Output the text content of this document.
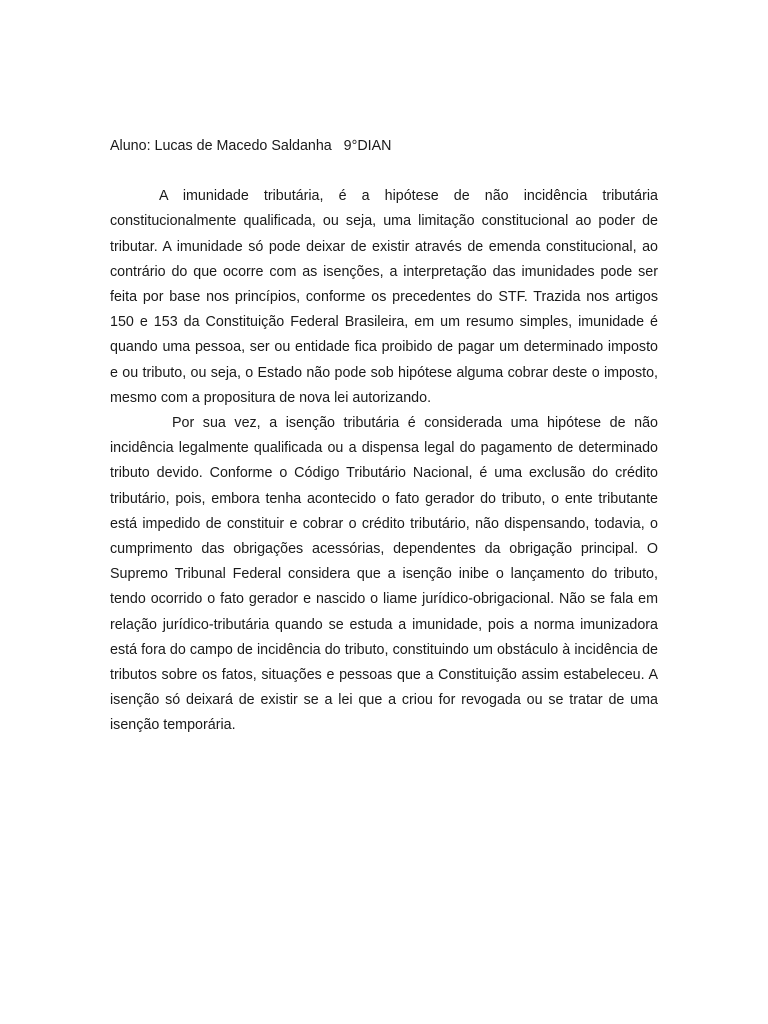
Aluno: Lucas de Macedo Saldanha   9°DIAN

A imunidade tributária, é a hipótese de não incidência tributária constitucionalmente qualificada, ou seja, uma limitação constitucional ao poder de tributar. A imunidade só pode deixar de existir através de emenda constitucional, ao contrário do que ocorre com as isenções, a interpretação das imunidades pode ser feita por base nos princípios, conforme os precedentes do STF. Trazida nos artigos 150 e 153 da Constituição Federal Brasileira, em um resumo simples, imunidade é quando uma pessoa, ser ou entidade fica proibido de pagar um determinado imposto e ou tributo, ou seja, o Estado não pode sob hipótese alguma cobrar deste o imposto, mesmo com a propositura de nova lei autorizando.

Por sua vez, a isenção tributária é considerada uma hipótese de não incidência legalmente qualificada ou a dispensa legal do pagamento de determinado tributo devido. Conforme o Código Tributário Nacional, é uma exclusão do crédito tributário, pois, embora tenha acontecido o fato gerador do tributo, o ente tributante está impedido de constituir e cobrar o crédito tributário, não dispensando, todavia, o cumprimento das obrigações acessórias, dependentes da obrigação principal. O Supremo Tribunal Federal considera que a isenção inibe o lançamento do tributo, tendo ocorrido o fato gerador e nascido o liame jurídico-obrigacional. Não se fala em relação jurídico-tributária quando se estuda a imunidade, pois a norma imunizadora está fora do campo de incidência do tributo, constituindo um obstáculo à incidência de tributos sobre os fatos, situações e pessoas que a Constituição assim estabeleceu. A isenção só deixará de existir se a lei que a criou for revogada ou se tratar de uma isenção temporária.
